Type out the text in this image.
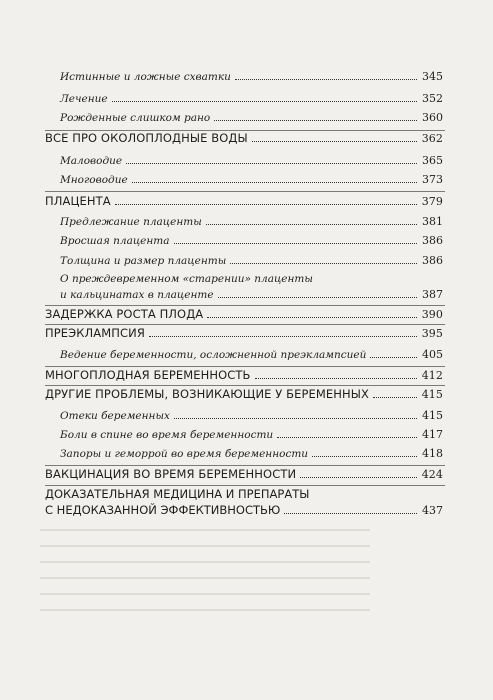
Истинные и ложные схватки	345
Лечение	352
Рожденные слишком рано	360
ВСЕ ПРО ОКОЛОПЛОДНЫЕ ВОДЫ	362
Маловодие	365
Многоводие	373
ПЛАЦЕНТА	379
Предлежание плаценты	381
Вросшая плацента	386
Толщина и размер плаценты	386
О преждевременном «старении» плаценты
и кальцинатах в плаценте	387
ЗАДЕРЖКА РОСТА ПЛОДА	390
ПРЕЭКЛАМПСИЯ	395
Ведение беременности, осложненной преэклампсией	405
МНОГОПЛОДНАЯ БЕРЕМЕННОСТЬ	412
ДРУГИЕ ПРОБЛЕМЫ, ВОЗНИКАЮЩИЕ У БЕРЕМЕННЫХ	415
Отеки беременных	415
Боли в спине во время беременности	417
Запоры и геморрой во время беременности	418
ВАКЦИНАЦИЯ ВО ВРЕМЯ БЕРЕМЕННОСТИ	424
ДОКАЗАТЕЛЬНАЯ МЕДИЦИНА И ПРЕПАРАТЫ
С НЕДОКАЗАННОЙ ЭФФЕКТИВНОСТЬЮ	437
